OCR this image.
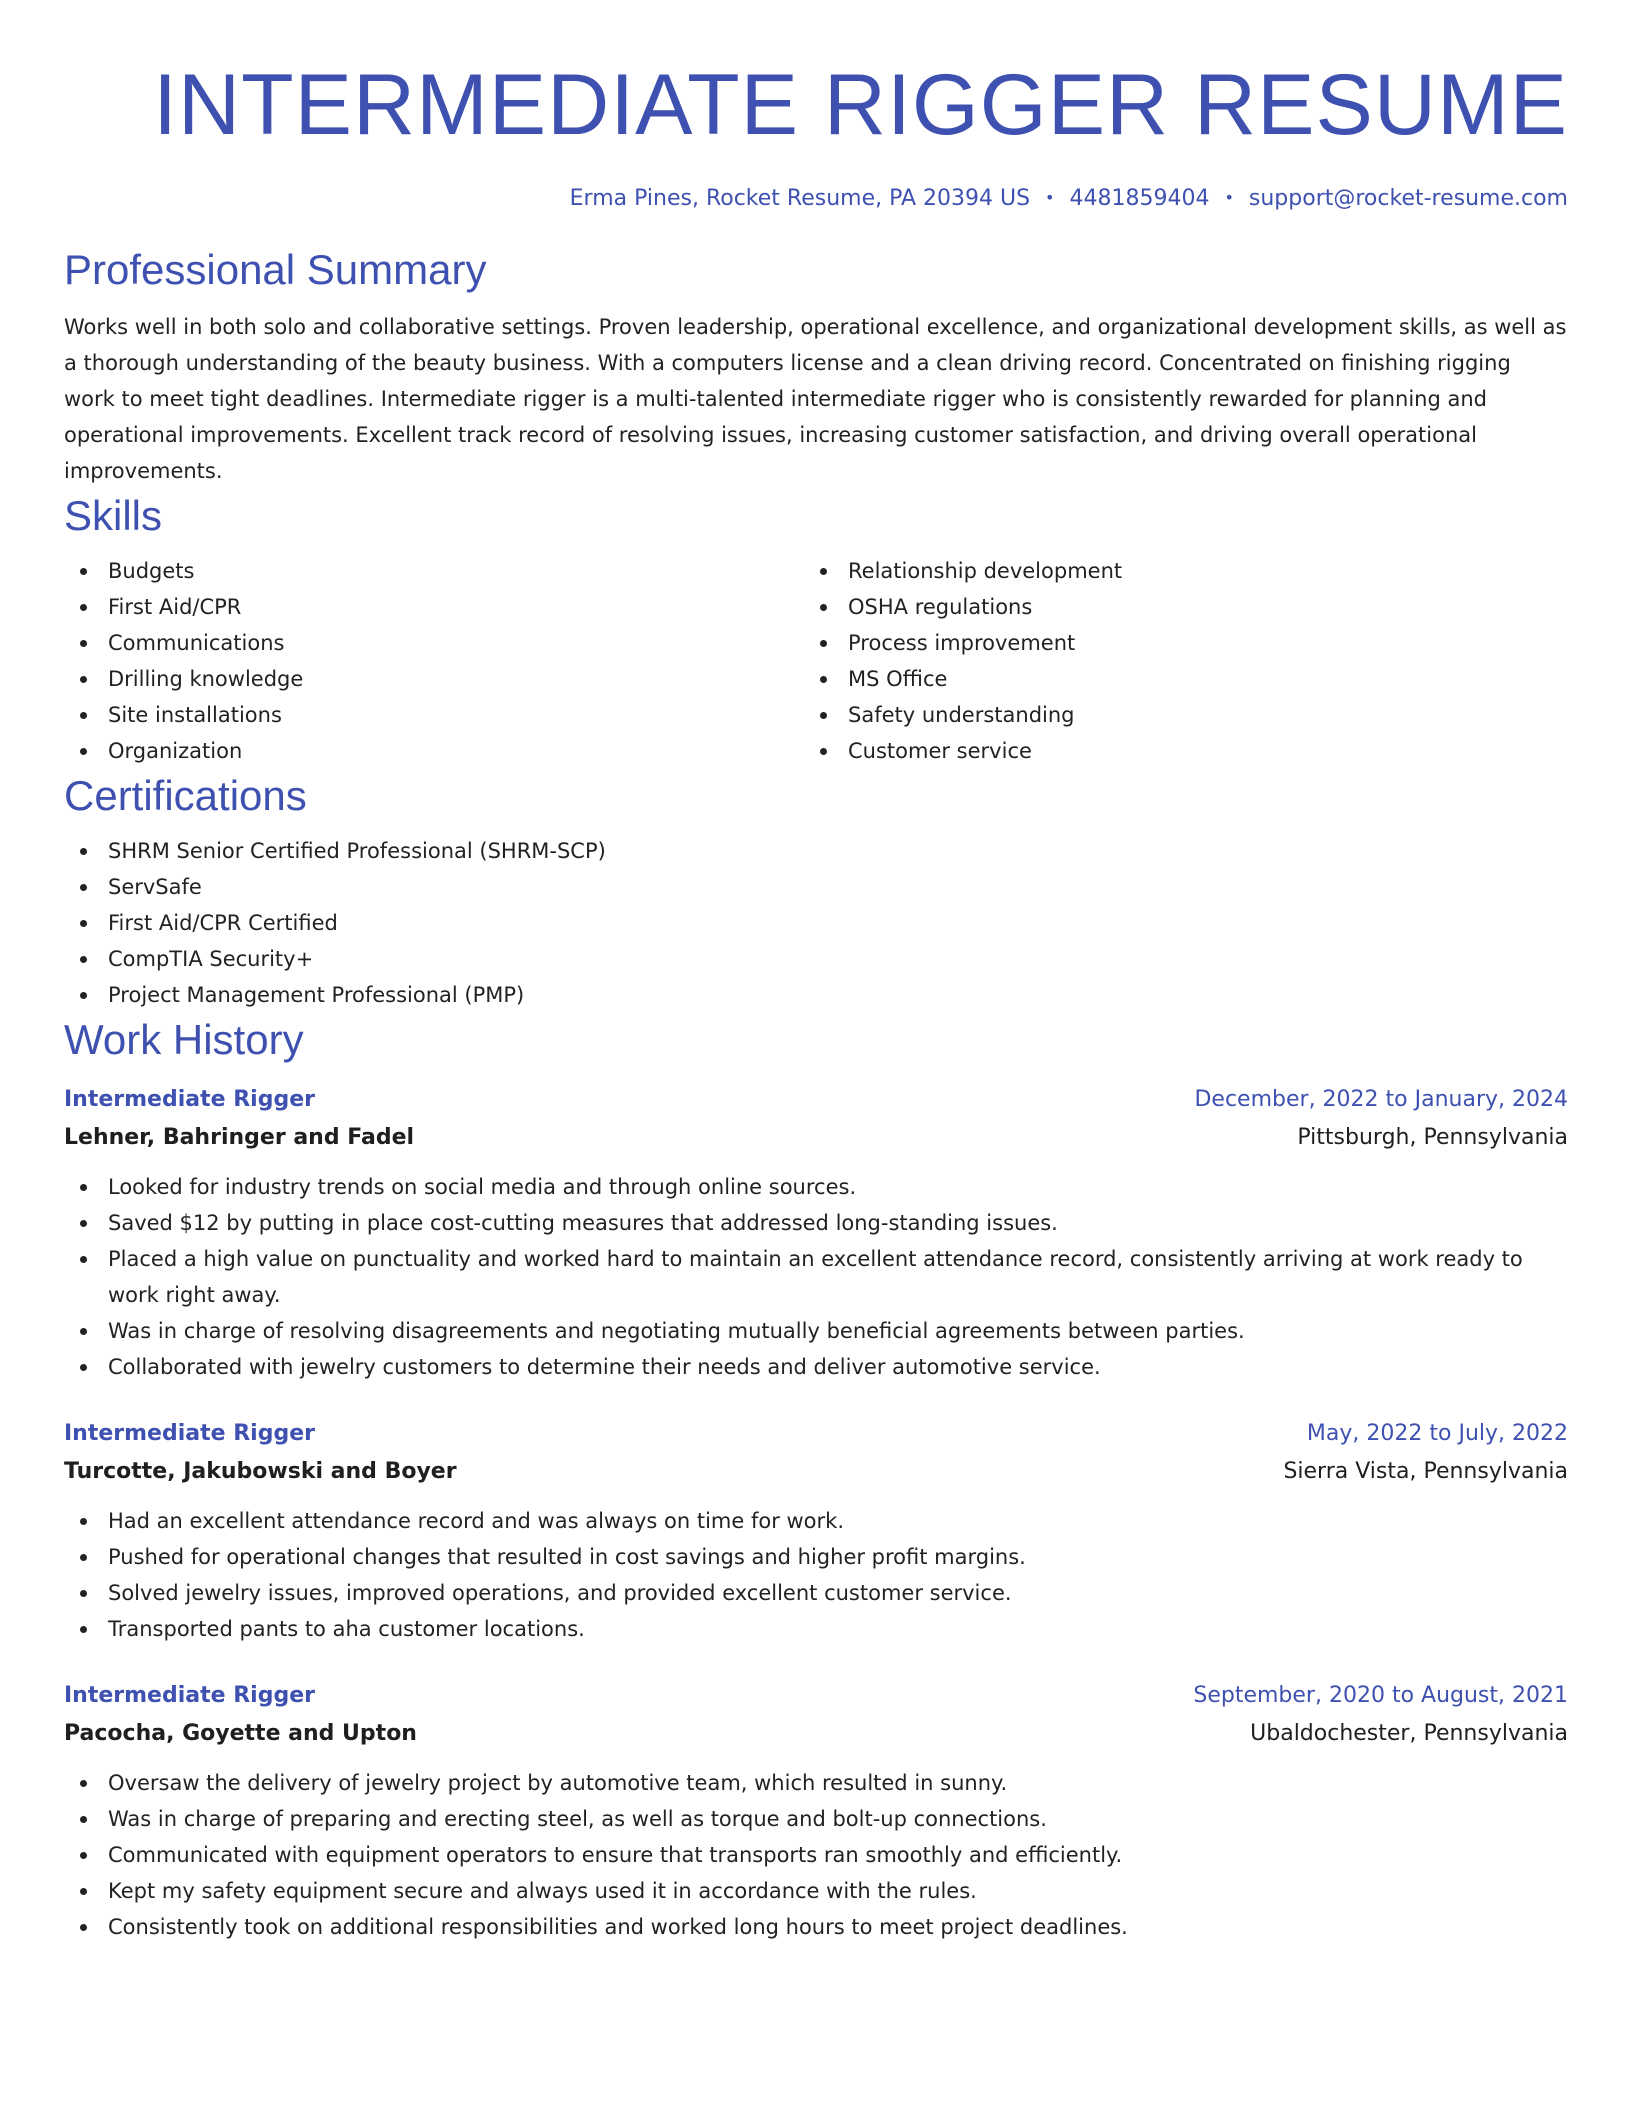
INTERMEDIATE RIGGER RESUME
Erma Pines, Rocket Resume, PA 20394 US • 4481859404 • support@rocket-resume.com
Professional Summary

Works well in both solo and collaborative settings. Proven leadership, operational excellence, and organizational development skills, as well as a thorough understanding of the beauty business. With a computers license and a clean driving record. Concentrated on finishing rigging work to meet tight deadlines. Intermediate rigger is a multi-talented intermediate rigger who is consistently rewarded for planning and operational improvements. Excellent track record of resolving issues, increasing customer satisfaction, and driving overall operational improvements.

Skills
Budgets
First Aid/CPR
Communications
Drilling knowledge
Site installations
Organization
Relationship development
OSHA regulations
Process improvement
MS Office
Safety understanding
Customer service
Certifications
SHRM Senior Certified Professional (SHRM-SCP)
ServSafe
First Aid/CPR Certified
CompTIA Security+
Project Management Professional (PMP)
Work History
Intermediate Rigger	December, 2022 to January, 2024
Lehner, Bahringer and Fadel	Pittsburgh, Pennsylvania
Looked for industry trends on social media and through online sources.
Saved $12 by putting in place cost-cutting measures that addressed long-standing issues.
Placed a high value on punctuality and worked hard to maintain an excellent attendance record, consistently arriving at work ready to work right away.
Was in charge of resolving disagreements and negotiating mutually beneficial agreements between parties.
Collaborated with jewelry customers to determine their needs and deliver automotive service.
Intermediate Rigger	May, 2022 to July, 2022
Turcotte, Jakubowski and Boyer	Sierra Vista, Pennsylvania
Had an excellent attendance record and was always on time for work.
Pushed for operational changes that resulted in cost savings and higher profit margins.
Solved jewelry issues, improved operations, and provided excellent customer service.
Transported pants to aha customer locations.
Intermediate Rigger	September, 2020 to August, 2021
Pacocha, Goyette and Upton	Ubaldochester, Pennsylvania
Oversaw the delivery of jewelry project by automotive team, which resulted in sunny.
Was in charge of preparing and erecting steel, as well as torque and bolt-up connections.
Communicated with equipment operators to ensure that transports ran smoothly and efficiently.
Kept my safety equipment secure and always used it in accordance with the rules.
Consistently took on additional responsibilities and worked long hours to meet project deadlines.
